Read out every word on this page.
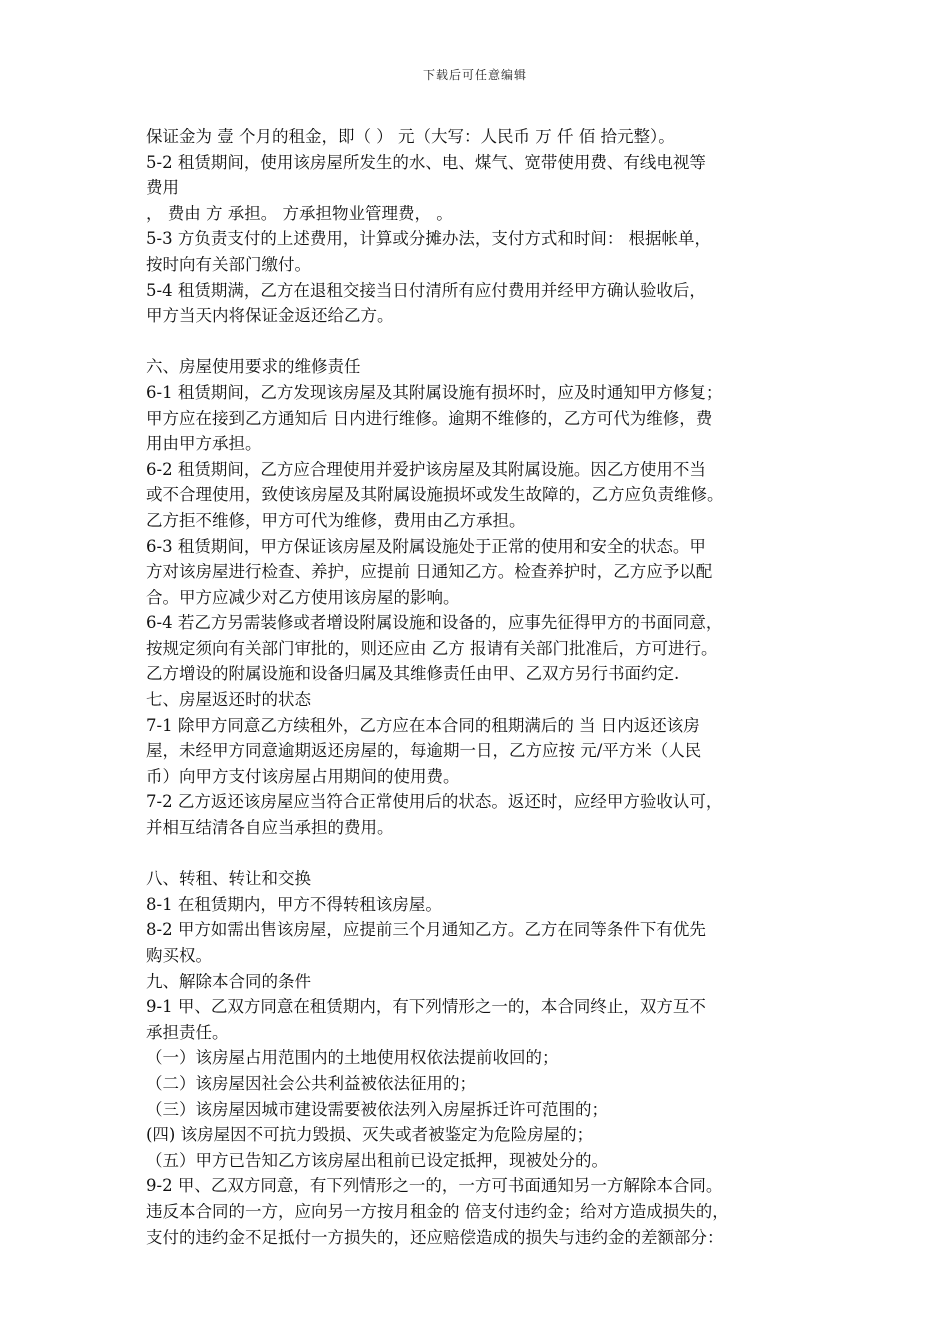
下载后可任意编辑
保证金为 壹 个月的租金，即（ ） 元（大写：人民币 万 仟 佰 拾元整）。
5-2 租赁期间，使用该房屋所发生的水、电、煤气、宽带使用费、有线电视等
费用
， 费由 方 承担。 方承担物业管理费， 。
5-3 方负责支付的上述费用，计算或分摊办法，支付方式和时间： 根据帐单，
按时向有关部门缴付。
5-4 租赁期满，乙方在退租交接当日付清所有应付费用并经甲方确认验收后，
甲方当天内将保证金返还给乙方。
六、房屋使用要求的维修责任
6-1 租赁期间，乙方发现该房屋及其附属设施有损坏时，应及时通知甲方修复；
甲方应在接到乙方通知后 日内进行维修。逾期不维修的，乙方可代为维修，费
用由甲方承担。
6-2 租赁期间，乙方应合理使用并爱护该房屋及其附属设施。因乙方使用不当
或不合理使用，致使该房屋及其附属设施损坏或发生故障的，乙方应负责维修。
乙方拒不维修，甲方可代为维修，费用由乙方承担。
6-3 租赁期间，甲方保证该房屋及附属设施处于正常的使用和安全的状态。甲
方对该房屋进行检查、养护，应提前 日通知乙方。检查养护时，乙方应予以配
合。甲方应减少对乙方使用该房屋的影响。
6-4 若乙方另需装修或者增设附属设施和设备的，应事先征得甲方的书面同意，
按规定须向有关部门审批的，则还应由 乙方 报请有关部门批准后，方可进行。
乙方增设的附属设施和设备归属及其维修责任由甲、乙双方另行书面约定.
七、房屋返还时的状态
7-1 除甲方同意乙方续租外，乙方应在本合同的租期满后的 当 日内返还该房
屋，未经甲方同意逾期返还房屋的，每逾期一日，乙方应按 元/平方米（人民
币）向甲方支付该房屋占用期间的使用费。
7-2 乙方返还该房屋应当符合正常使用后的状态。返还时，应经甲方验收认可，
并相互结清各自应当承担的费用。
八、转租、转让和交换
8-1 在租赁期内，甲方不得转租该房屋。
8-2 甲方如需出售该房屋，应提前三个月通知乙方。乙方在同等条件下有优先
购买权。
九、解除本合同的条件
9-1 甲、乙双方同意在租赁期内，有下列情形之一的，本合同终止，双方互不
承担责任。
（一）该房屋占用范围内的土地使用权依法提前收回的；
（二）该房屋因社会公共利益被依法征用的；
（三）该房屋因城市建设需要被依法列入房屋拆迁许可范围的；
(四) 该房屋因不可抗力毁损、灭失或者被鉴定为危险房屋的；
（五）甲方已告知乙方该房屋出租前已设定抵押，现被处分的。
9-2 甲、乙双方同意，有下列情形之一的，一方可书面通知另一方解除本合同。
违反本合同的一方，应向另一方按月租金的 倍支付违约金；给对方造成损失的，
支付的违约金不足抵付一方损失的，还应赔偿造成的损失与违约金的差额部分：
